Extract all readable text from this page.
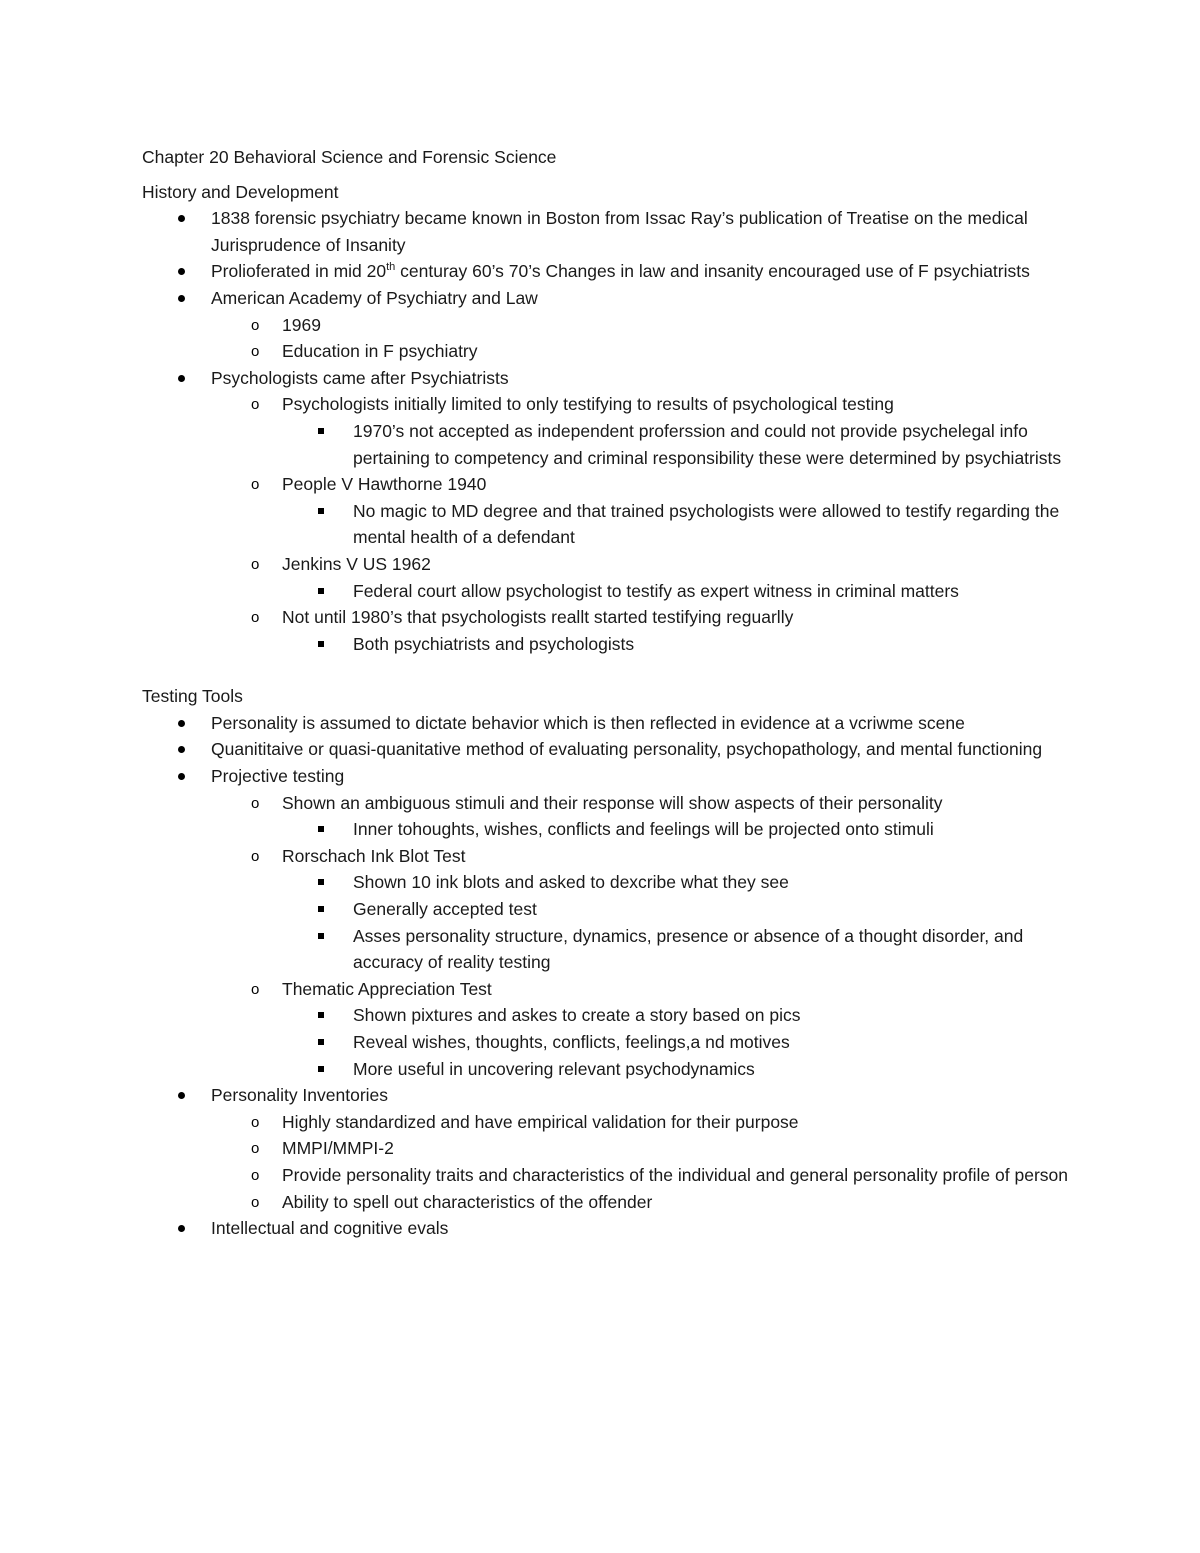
Chapter 20 Behavioral Science and Forensic Science
History and Development
1838 forensic psychiatry became known in Boston from Issac Ray’s publication of Treatise on the medical Jurisprudence of Insanity
Prolioferated in mid 20th centuray 60’s 70’s Changes in law and insanity encouraged use of F psychiatrists
American Academy of Psychiatry and Law
o 1969
o Education in F psychiatry
Psychologists came after Psychiatrists
o Psychologists initially limited to only testifying to results of psychological testing
1970’s not accepted as independent proferssion and could not provide psychelegal info pertaining to competency and criminal responsibility these were determined by psychiatrists
o People V Hawthorne 1940
No magic to MD degree and that trained psychologists were allowed to testify regarding the mental health of a defendant
o Jenkins V US 1962
Federal court allow psychologist to testify as expert witness in criminal matters
o Not until 1980’s that psychologists reallt started testifying reguarlly
Both psychiatrists and psychologists
Testing Tools
Personality is assumed to dictate behavior which is then reflected in evidence at a vcriwme scene
Quanititaive or quasi-quanitative method of evaluating personality, psychopathology, and mental functioning
Projective testing
o Shown an ambiguous stimuli and their response will show aspects of their personality
Inner tohoughts, wishes, conflicts and feelings will be projected onto stimuli
o Rorschach Ink Blot Test
Shown 10 ink blots and asked to dexcribe what they see
Generally accepted test
Asses personality structure, dynamics, presence or absence of a thought disorder, and accuracy of reality testing
o Thematic Appreciation Test
Shown pixtures and askes to create a story based on pics
Reveal wishes, thoughts, conflicts, feelings,a nd motives
More useful in uncovering relevant psychodynamics
Personality Inventories
o Highly standardized and have empirical validation for their purpose
o MMPI/MMPI-2
o Provide personality traits and characteristics of the individual and general personality profile of person
o Ability to spell out characteristics of the offender
Intellectual and cognitive evals
